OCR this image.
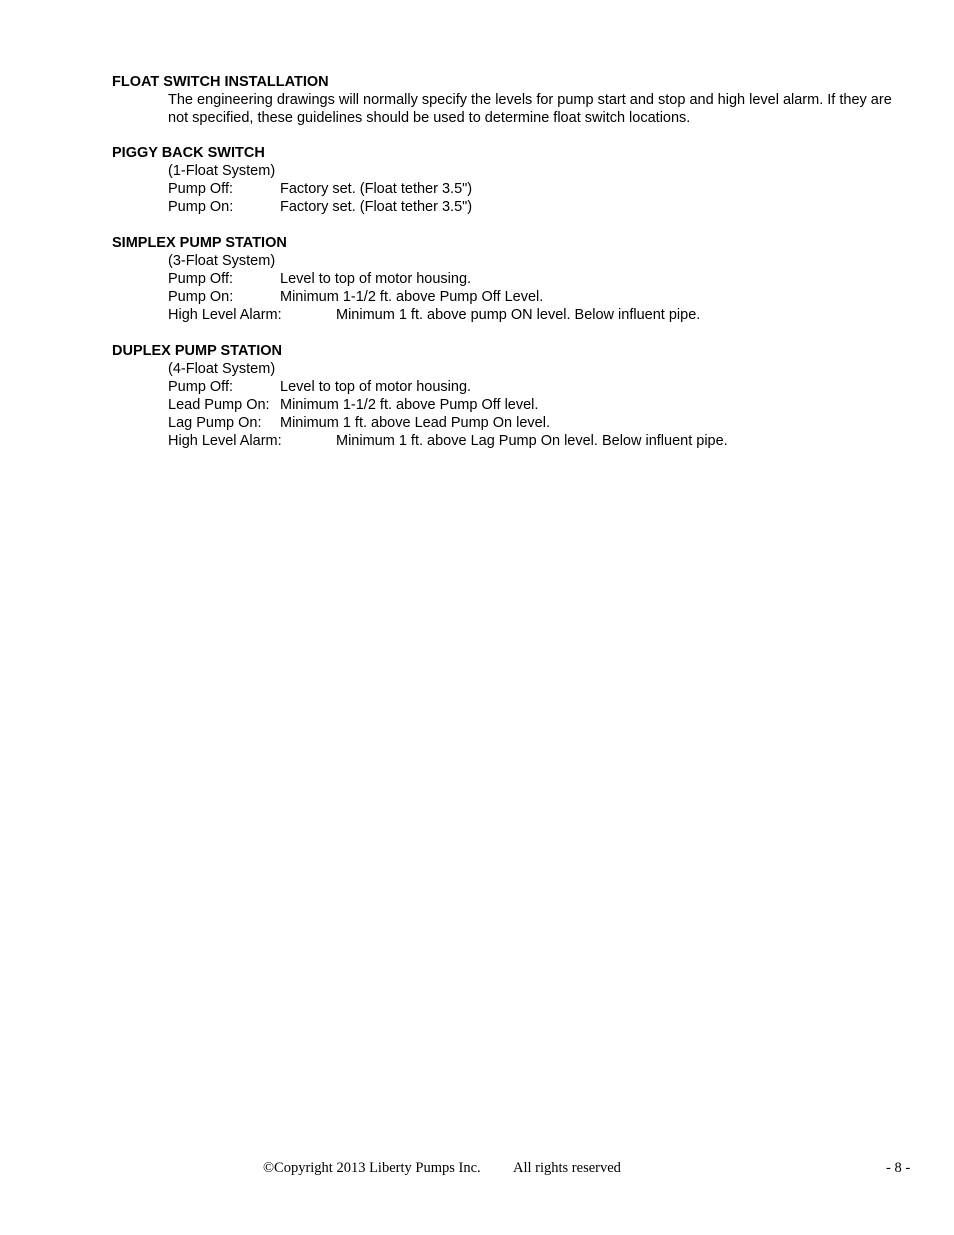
FLOAT SWITCH INSTALLATION
The engineering drawings will normally specify the levels for pump start and stop and high level alarm. If they are not specified, these guidelines should be used to determine float switch locations.
PIGGY BACK SWITCH
(1-Float System)
Pump Off:	Factory set. (Float tether 3.5")
Pump On:	Factory set. (Float tether 3.5")
SIMPLEX PUMP STATION
(3-Float System)
Pump Off:	Level to top of motor housing.
Pump On:	Minimum 1-1/2 ft. above Pump Off Level.
High Level Alarm:	Minimum 1 ft. above pump ON level. Below influent pipe.
DUPLEX PUMP STATION
(4-Float System)
Pump Off:	Level to top of motor housing.
Lead Pump On: Minimum 1-1/2 ft. above Pump Off level.
Lag Pump On: Minimum 1 ft. above Lead Pump On level.
High Level Alarm:	Minimum 1 ft. above Lag Pump On level. Below influent pipe.
©Copyright 2013 Liberty Pumps Inc. All rights reserved	- 8 -
